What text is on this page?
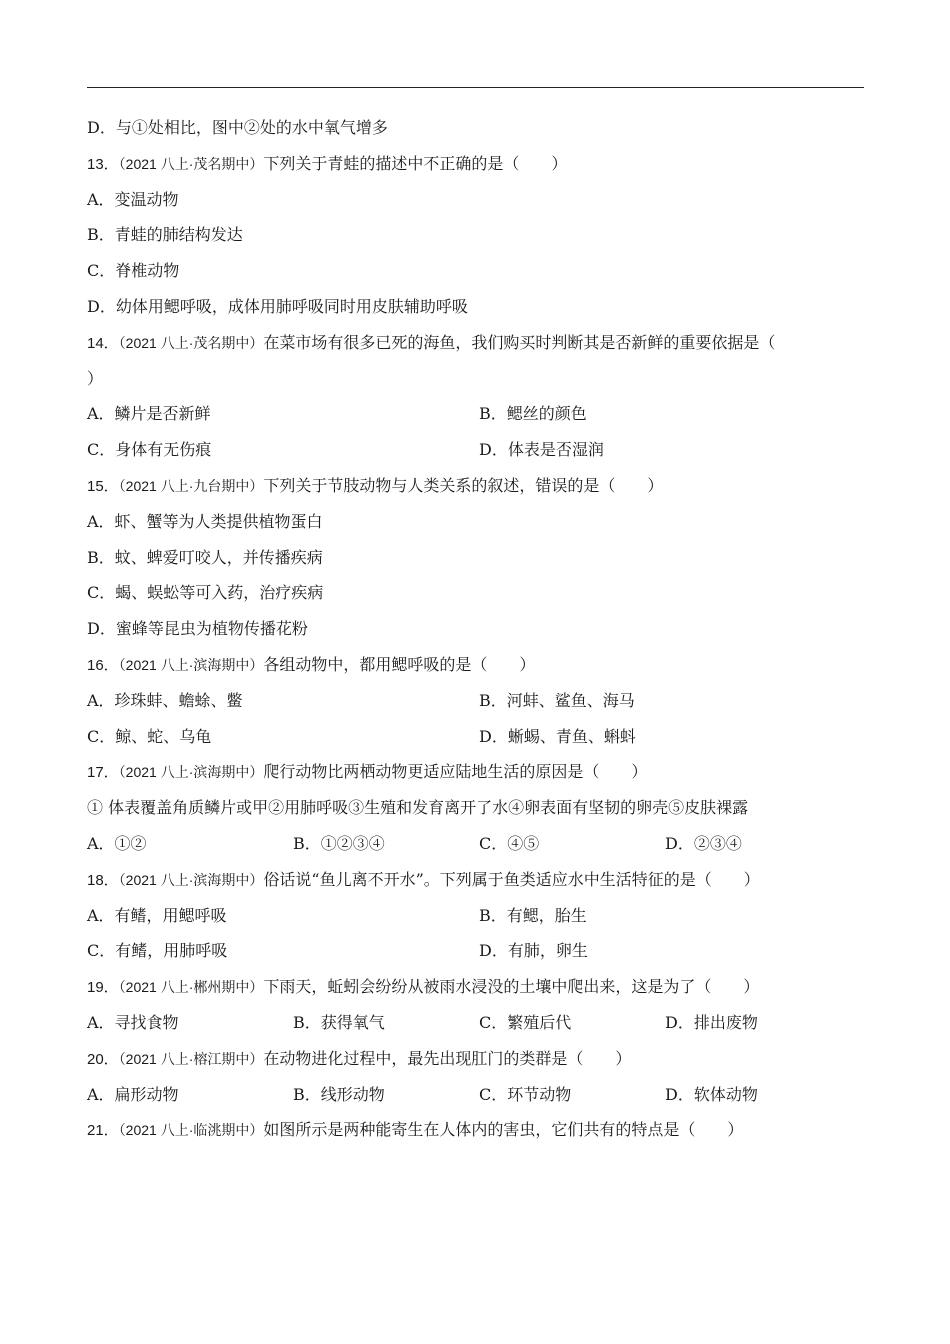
D．与①处相比，图中②处的水中氧气增多
13．（2021 八上·茂名期中）下列关于青蛙的描述中不正确的是（　　）
A．变温动物
B．青蛙的肺结构发达
C．脊椎动物
D．幼体用鳃呼吸，成体用肺呼吸同时用皮肤辅助呼吸
14．（2021 八上·茂名期中）在菜市场有很多已死的海鱼，我们购买时判断其是否新鲜的重要依据是（
）
A．鳞片是否新鲜	B．鳃丝的颜色
C．身体有无伤痕	D．体表是否湿润
15．（2021 八上·九台期中）下列关于节肢动物与人类关系的叙述，错误的是（　　）
A．虾、蟹等为人类提供植物蛋白
B．蚊、蜱爱叮咬人，并传播疾病
C．蝎、蜈蚣等可入药，治疗疾病
D．蜜蜂等昆虫为植物传播花粉
16．（2021 八上·滨海期中）各组动物中，都用鳃呼吸的是（　　）
A．珍珠蚌、蟾蜍、鳖	B．河蚌、鲨鱼、海马
C．鲸、蛇、乌龟	D．蜥蜴、青鱼、蝌蚪
17．（2021 八上·滨海期中）爬行动物比两栖动物更适应陆地生活的原因是（　　）
① 体表覆盖角质鳞片或甲②用肺呼吸③生殖和发育离开了水④卵表面有坚韧的卵壳⑤皮肤裸露
A．①②	B．①②③④	C．④⑤	D．②③④
18．（2021 八上·滨海期中）俗话说“鱼儿离不开水”。下列属于鱼类适应水中生活特征的是（　　）
A．有鳍，用鳃呼吸	B．有鳃，胎生
C．有鳍，用肺呼吸	D．有肺，卵生
19．（2021 八上·郴州期中）下雨天，蚯蚓会纷纷从被雨水浸没的土壤中爬出来，这是为了（　　）
A．寻找食物	B．获得氧气	C．繁殖后代	D．排出废物
20．（2021 八上·榕江期中）在动物进化过程中，最先出现肛门的类群是（　　）
A．扁形动物	B．线形动物	C．环节动物	D．软体动物
21．（2021 八上·临洮期中）如图所示是两种能寄生在人体内的害虫，它们共有的特点是（　　）
